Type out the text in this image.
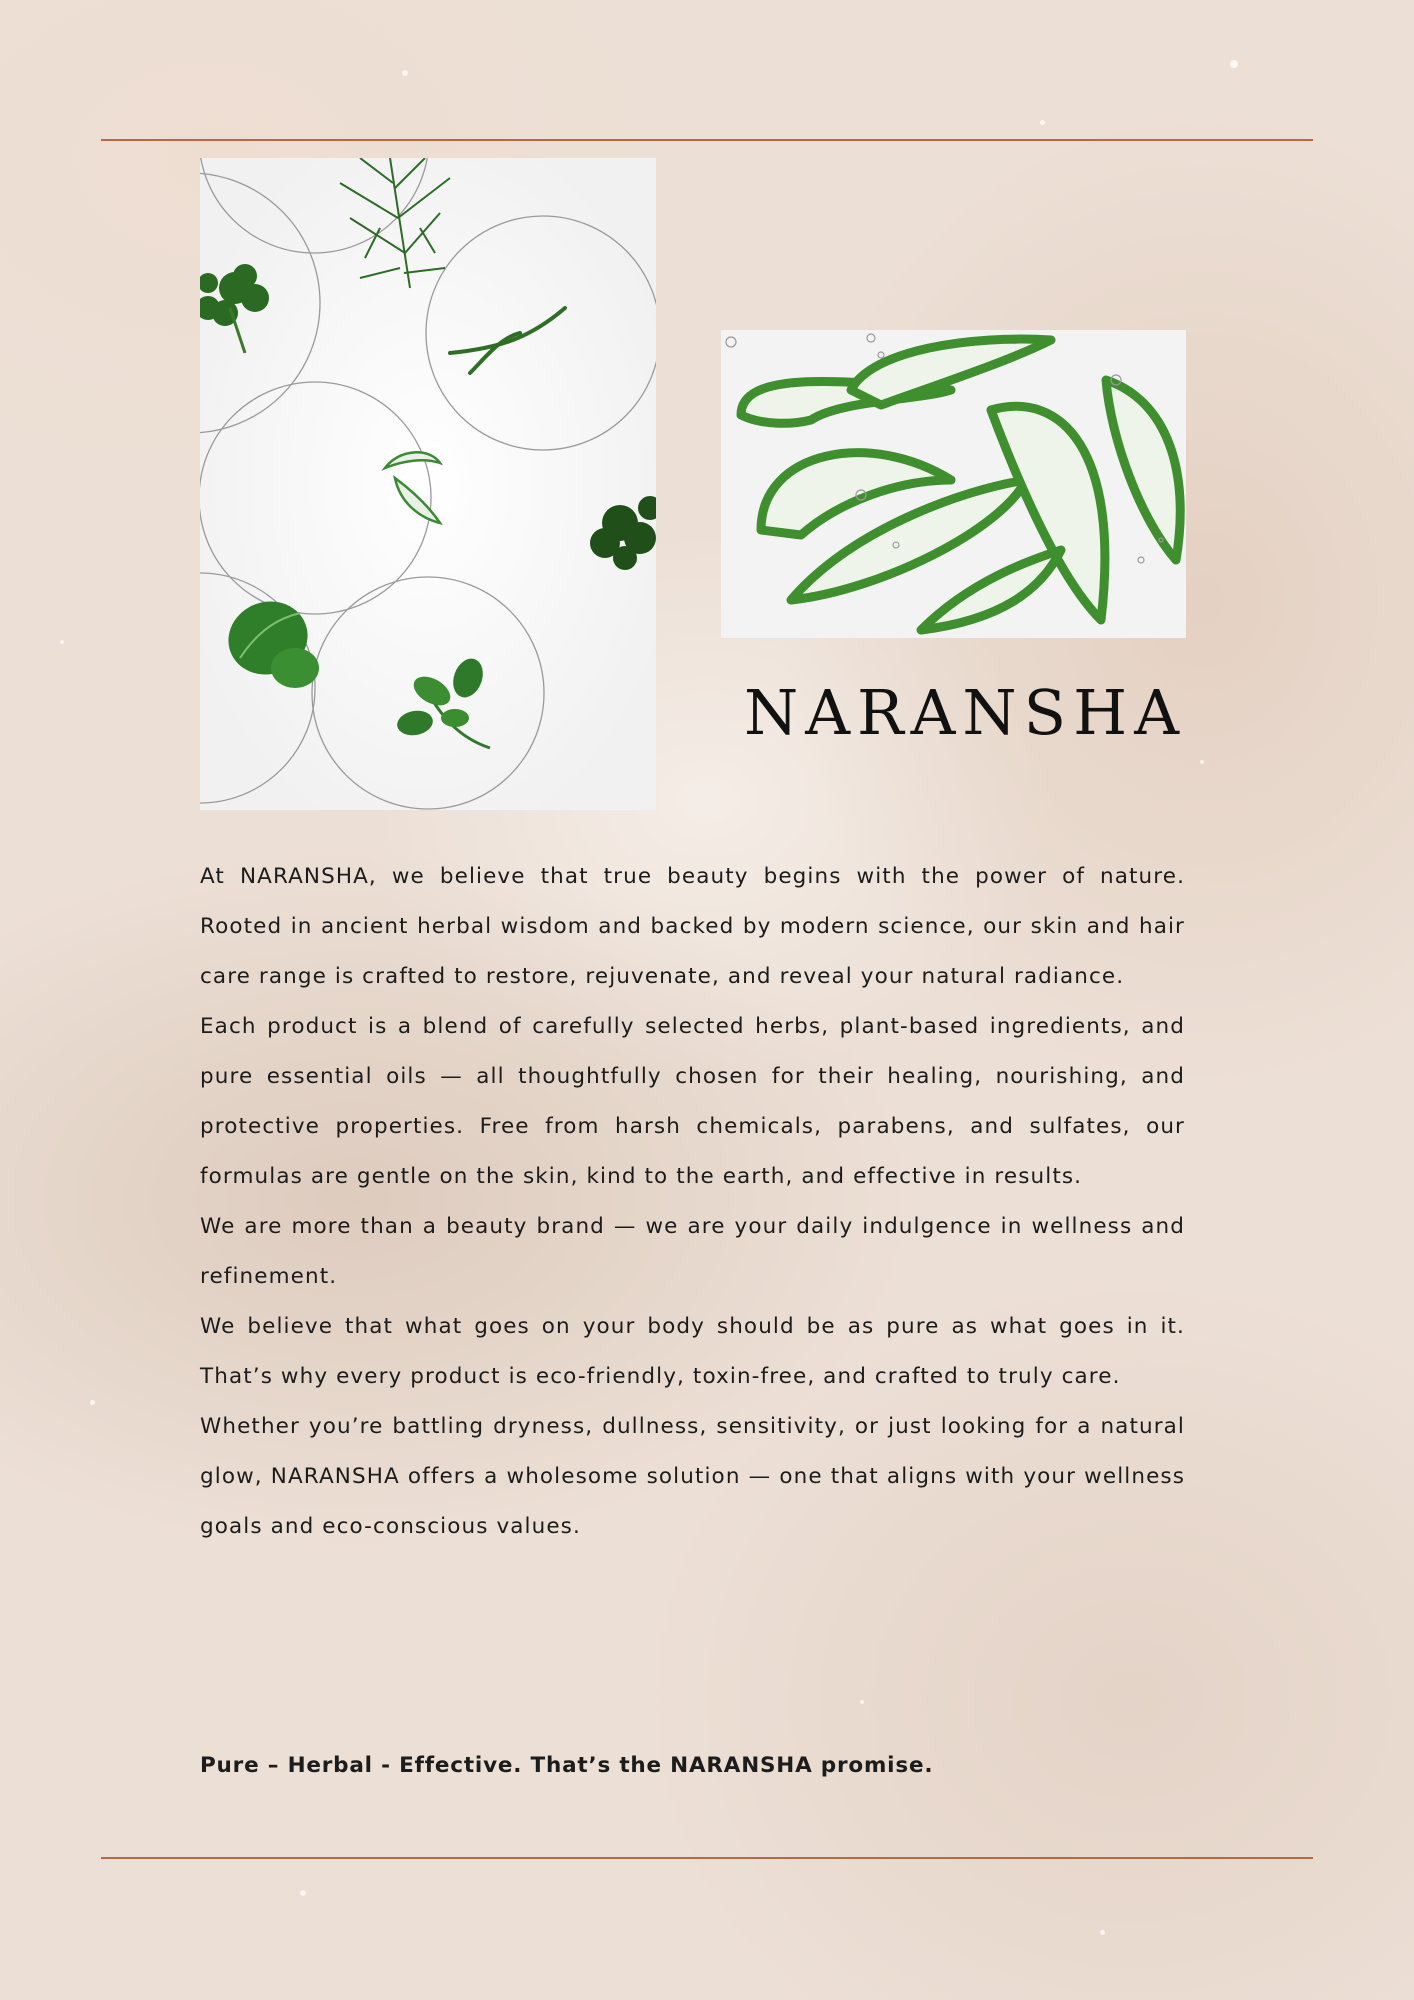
NARANSHA

At NARANSHA, we believe that true beauty begins with the power of nature. Rooted in ancient herbal wisdom and backed by modern science, our skin and hair care range is crafted to restore, rejuvenate, and reveal your natural radiance.

Each product is a blend of carefully selected herbs, plant-based ingredients, and pure essential oils — all thoughtfully chosen for their healing, nourishing, and protective properties. Free from harsh chemicals, parabens, and sulfates, our formulas are gentle on the skin, kind to the earth, and effective in results.

We are more than a beauty brand — we are your daily indulgence in wellness and refinement.

We believe that what goes on your body should be as pure as what goes in it. That’s why every product is eco-friendly, toxin-free, and crafted to truly care.

Whether you’re battling dryness, dullness, sensitivity, or just looking for a natural glow, NARANSHA offers a wholesome solution — one that aligns with your wellness goals and eco-conscious values.

Pure – Herbal - Effective. That’s the NARANSHA promise.
